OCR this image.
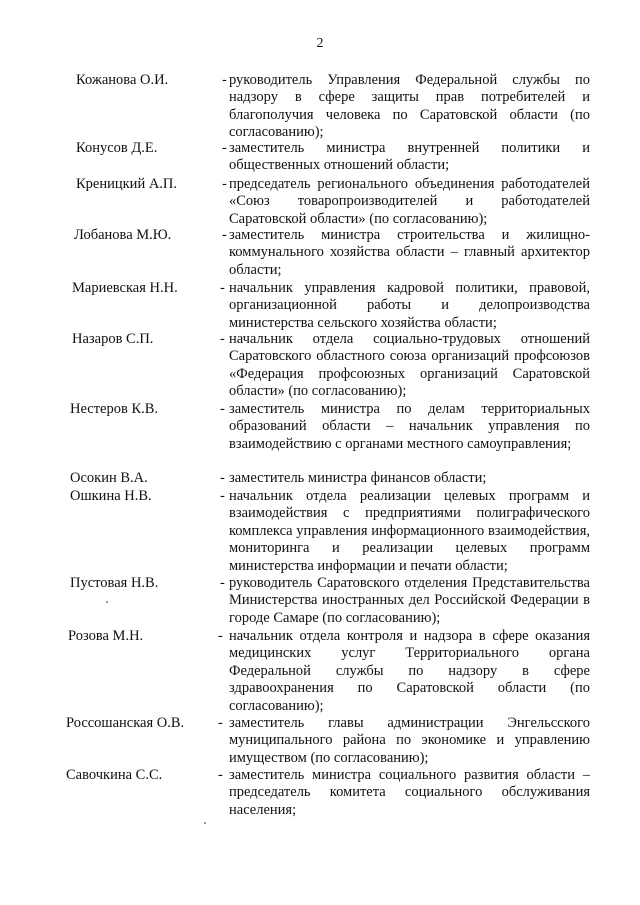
2
Кожанова О.И.	- руководитель Управления Федеральной службы по надзору в сфере защиты прав потребителей и благополучия человека по Саратовской области (по согласованию);
Конусов Д.Е.	- заместитель министра внутренней политики и общественных отношений области;
Креницкий А.П.	- председатель регионального объединения работодателей «Союз товаропроизводителей и работодателей Саратовской области» (по согласованию);
Лобанова М.Ю.	- заместитель министра строительства и жилищно-коммунального хозяйства области – главный архитектор области;
Мариевская Н.Н.	- начальник управления кадровой политики, правовой, организационной работы и делопроизводства министерства сельского хозяйства области;
Назаров С.П.	- начальник отдела социально-трудовых отношений Саратовского областного союза организаций профсоюзов «Федерация профсоюзных организаций Саратовской области» (по согласованию);
Нестеров К.В.	- заместитель министра по делам территориальных образований области – начальник управления по взаимодействию с органами местного самоуправления;
Осокин В.А.	- заместитель министра финансов области;
Ошкина Н.В.	- начальник отдела реализации целевых программ и взаимодействия с предприятиями полиграфического комплекса управления информационного взаимодействия, мониторинга и реализации целевых программ министерства информации и печати области;
Пустовая Н.В.	- руководитель Саратовского отделения Представительства Министерства иностранных дел Российской Федерации в городе Самаре (по согласованию);
Розова М.Н.	- начальник отдела контроля и надзора в сфере оказания медицинских услуг Территориального органа Федеральной службы по надзору в сфере здравоохранения по Саратовской области (по согласованию);
Россошанская О.В. - заместитель главы администрации Энгельсского муниципального района по экономике и управлению имуществом (по согласованию);
Савочкина С.С.	- заместитель министра социального развития области – председатель комитета социального обслуживания населения;
